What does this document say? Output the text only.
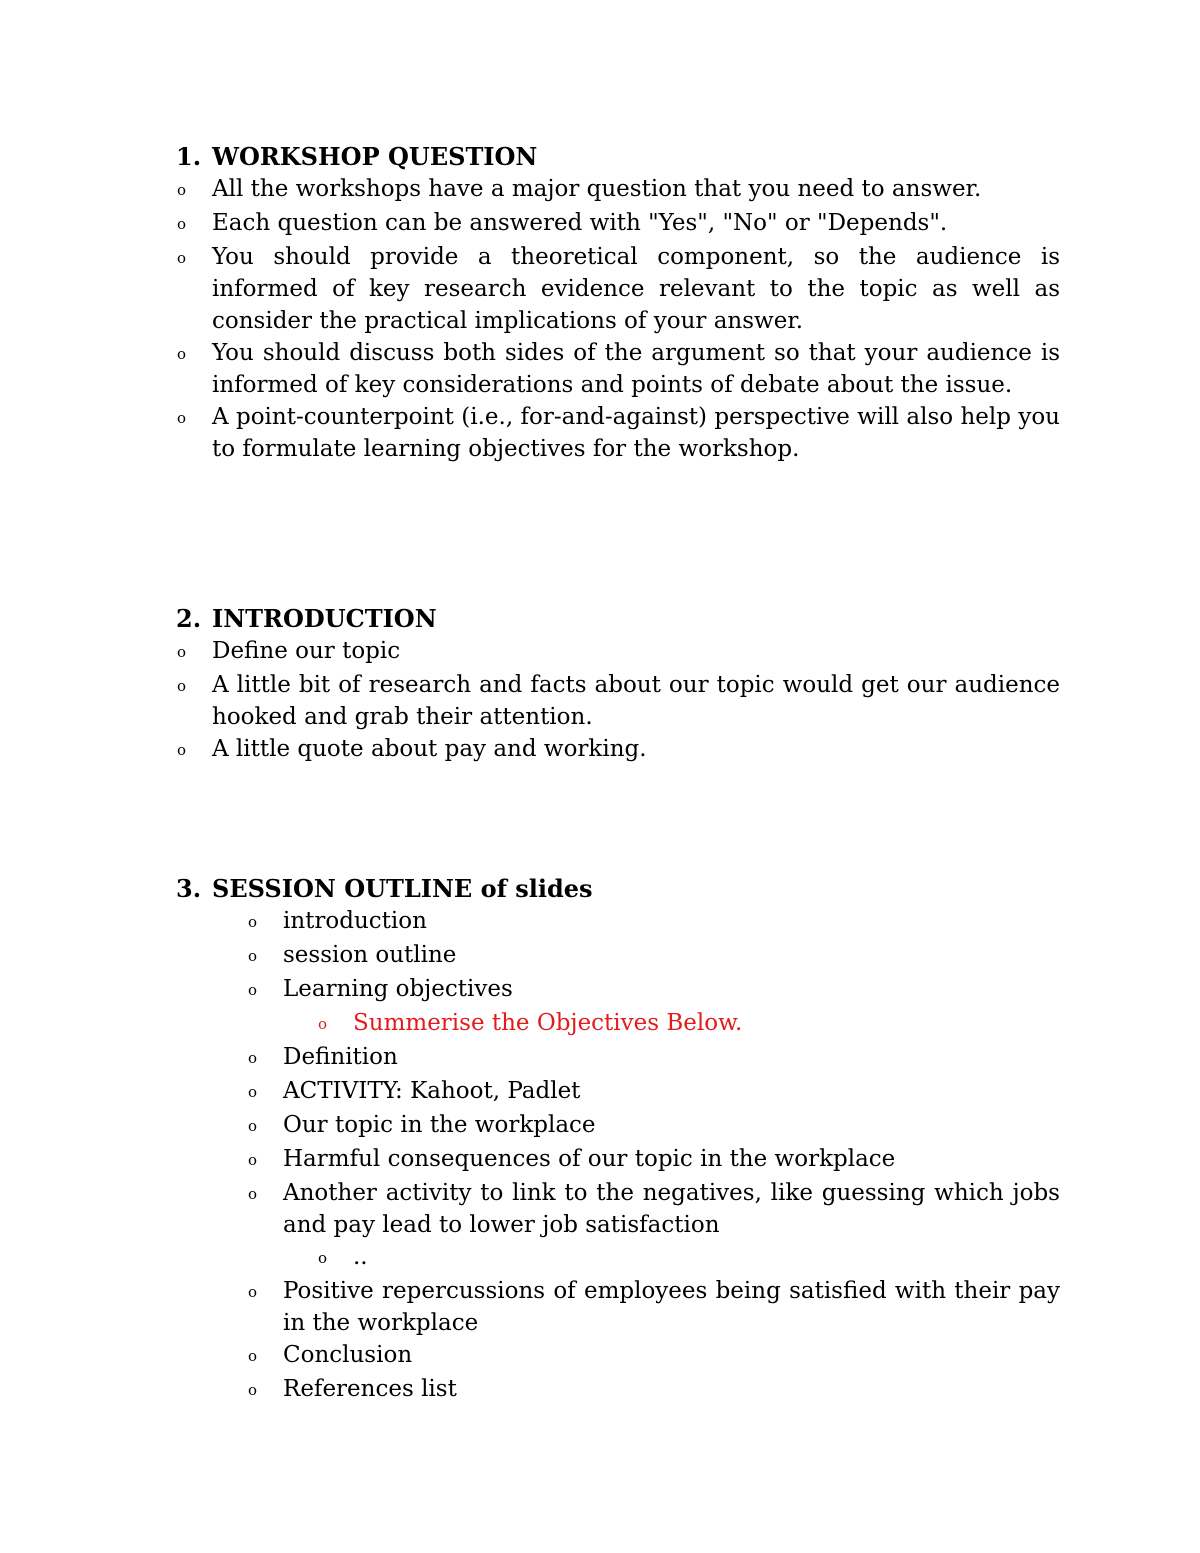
1. WORKSHOP QUESTION
o	All the workshops have a major question that you need to answer.
o	Each question can be answered with "Yes", "No" or "Depends".
o	You should provide a theoretical component, so the audience is informed of key research evidence relevant to the topic as well as consider the practical implications of your answer.
o	You should discuss both sides of the argument so that your audience is informed of key considerations and points of debate about the issue.
o	A point-counterpoint (i.e., for-and-against) perspective will also help you to formulate learning objectives for the workshop.
2. INTRODUCTION
o	Define our topic
o	A little bit of research and facts about our topic would get our audience hooked and grab their attention.
o	A little quote about pay and working.
3. SESSION OUTLINE of slides
o	introduction
o	session outline
o	Learning objectives
o	Summerise the Objectives Below.
o	Definition
o	ACTIVITY: Kahoot, Padlet
o	Our topic in the workplace
o	Harmful consequences of our topic in the workplace
o	Another activity to link to the negatives, like guessing which jobs and pay lead to lower job satisfaction
o	..
o	Positive repercussions of employees being satisfied with their pay in the workplace
o	Conclusion
o	References list
